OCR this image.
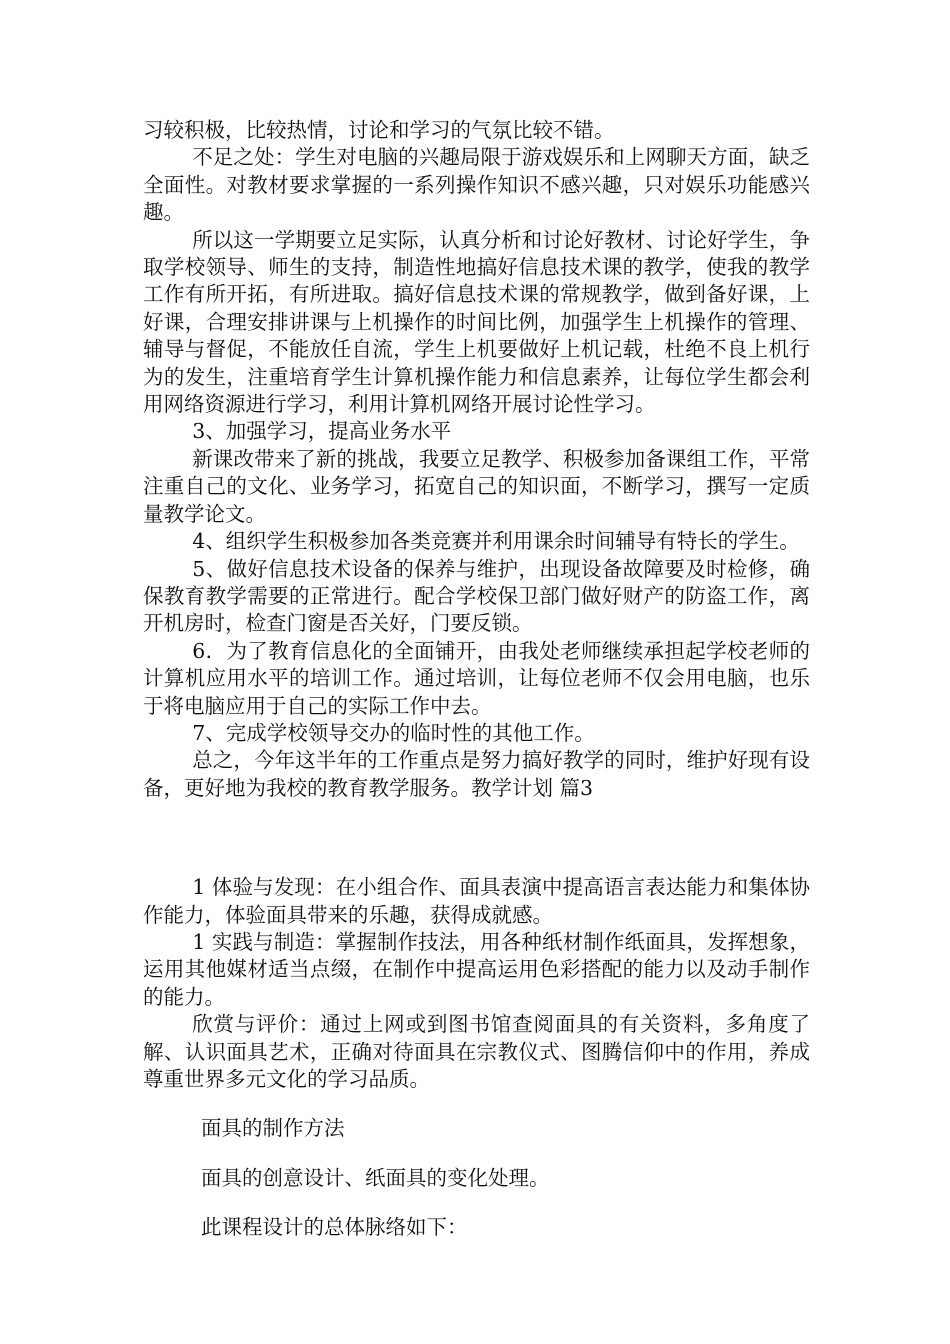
习较积极，比较热情，讨论和学习的气氛比较不错。

不足之处：学生对电脑的兴趣局限于游戏娱乐和上网聊天方面，缺乏全面性。对教材要求掌握的一系列操作知识不感兴趣，只对娱乐功能感兴趣。

所以这一学期要立足实际，认真分析和讨论好教材、讨论好学生，争取学校领导、师生的支持，制造性地搞好信息技术课的教学，使我的教学工作有所开拓，有所进取。搞好信息技术课的常规教学，做到备好课，上好课，合理安排讲课与上机操作的时间比例，加强学生上机操作的管理、辅导与督促，不能放任自流，学生上机要做好上机记载，杜绝不良上机行为的发生，注重培育学生计算机操作能力和信息素养，让每位学生都会利用网络资源进行学习，利用计算机网络开展讨论性学习。

3、加强学习，提高业务水平

新课改带来了新的挑战，我要立足教学、积极参加备课组工作，平常注重自己的文化、业务学习，拓宽自己的知识面，不断学习，撰写一定质量教学论文。

4、组织学生积极参加各类竞赛并利用课余时间辅导有特长的学生。

5、做好信息技术设备的保养与维护，出现设备故障要及时检修，确保教育教学需要的正常进行。配合学校保卫部门做好财产的防盗工作，离开机房时，检查门窗是否关好，门要反锁。

6．为了教育信息化的全面铺开，由我处老师继续承担起学校老师的计算机应用水平的培训工作。通过培训，让每位老师不仅会用电脑，也乐于将电脑应用于自己的实际工作中去。

7、完成学校领导交办的临时性的其他工作。

总之，今年这半年的工作重点是努力搞好教学的同时，维护好现有设备，更好地为我校的教育教学服务。教学计划 篇3

1 体验与发现：在小组合作、面具表演中提高语言表达能力和集体协作能力，体验面具带来的乐趣，获得成就感。

1 实践与制造：掌握制作技法，用各种纸材制作纸面具，发挥想象，运用其他媒材适当点缀，在制作中提高运用色彩搭配的能力以及动手制作的能力。

欣赏与评价：通过上网或到图书馆查阅面具的有关资料，多角度了解、认识面具艺术，正确对待面具在宗教仪式、图腾信仰中的作用，养成尊重世界多元文化的学习品质。

面具的制作方法

面具的创意设计、纸面具的变化处理。

此课程设计的总体脉络如下：
